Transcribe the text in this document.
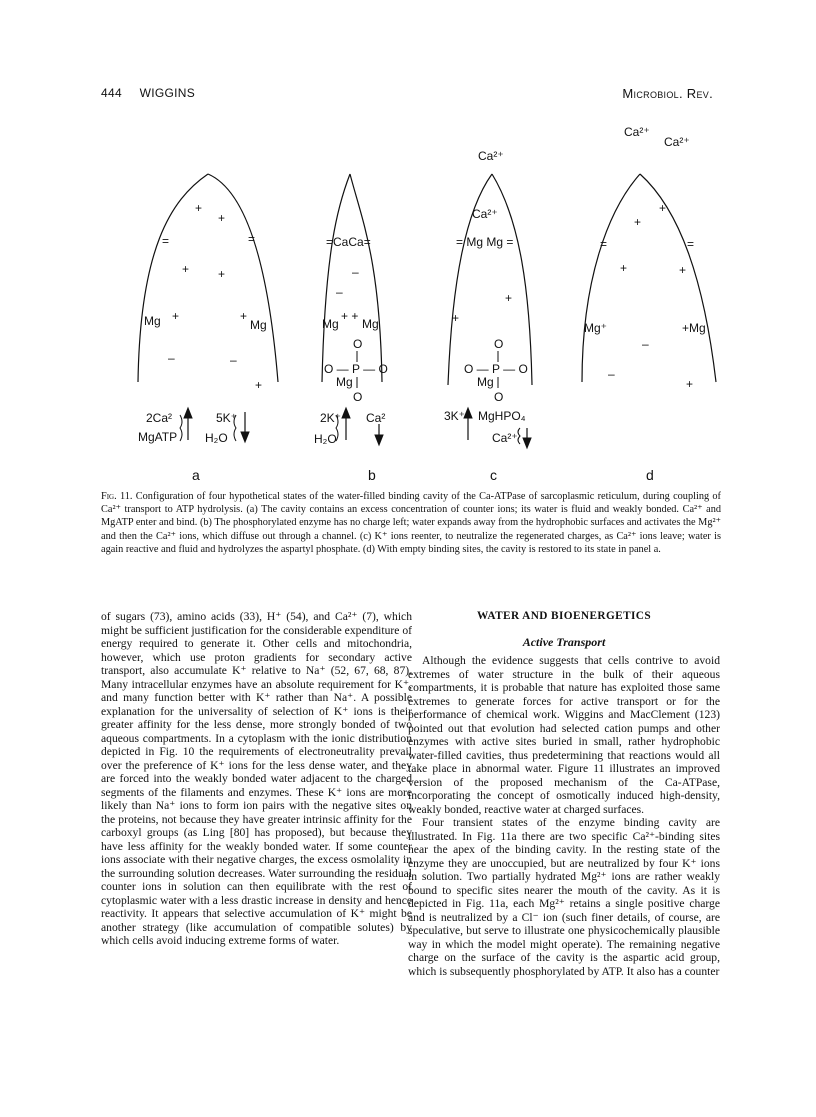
444 WIGGINS	Microbiol. Rev.
+
+
=	=
+ +
Mg +	+
Mg
–	–
+
2Ca²
MgATP
5K⁺
H₂O
=CaCa=
–
–
Mg
+ +
Mg
O
O — P — O
Mg
O
2K⁺
H₂O
Ca²
Ca²⁺
Ca²⁺
= Mg Mg =
+
+
O
O — P — O
Mg
O
3K⁺ MgHPO₄
Ca²⁺
Ca²⁺
Ca²⁺
+
+
=	=
+	+
Mg⁺	+Mg
–
–
+
a	b	c	d
Fig. 11. Configuration of four hypothetical states of the water-filled binding cavity of the Ca-ATPase of sarcoplasmic reticulum, during coupling of Ca²⁺ transport to ATP hydrolysis. (a) The cavity contains an excess concentration of counter ions; its water is fluid and weakly bonded. Ca²⁺ and MgATP enter and bind. (b) The phosphorylated enzyme has no charge left; water expands away from the hydrophobic surfaces and activates the Mg²⁺ and then the Ca²⁺ ions, which diffuse out through a channel. (c) K⁺ ions reenter, to neutralize the regenerated charges, as Ca²⁺ ions leave; water is again reactive and fluid and hydrolyzes the aspartyl phosphate. (d) With empty binding sites, the cavity is restored to its state in panel a.

of sugars (73), amino acids (33), H⁺ (54), and Ca²⁺ (7), which might be sufficient justification for the considerable expenditure of energy required to generate it. Other cells and mitochondria, however, which use proton gradients for secondary active transport, also accumulate K⁺ relative to Na⁺ (52, 67, 68, 87). Many intracellular enzymes have an absolute requirement for K⁺, and many function better with K⁺ rather than Na⁺. A possible explanation for the universality of selection of K⁺ ions is their greater affinity for the less dense, more strongly bonded of two aqueous compartments. In a cytoplasm with the ionic distribution depicted in Fig. 10 the requirements of electroneutrality prevail over the preference of K⁺ ions for the less dense water, and they are forced into the weakly bonded water adjacent to the charged segments of the filaments and enzymes. These K⁺ ions are more likely than Na⁺ ions to form ion pairs with the negative sites on the proteins, not because they have greater intrinsic affinity for the carboxyl groups (as Ling [80] has proposed), but because they have less affinity for the weakly bonded water. If some counter ions associate with their negative charges, the excess osmolality in the surrounding solution decreases. Water surrounding the residual counter ions in solution can then equilibrate with the rest of cytoplasmic water with a less drastic increase in density and hence reactivity. It appears that selective accumulation of K⁺ might be another strategy (like accumulation of compatible solutes) by which cells avoid inducing extreme forms of water.

WATER AND BIOENERGETICS
Active Transport

Although the evidence suggests that cells contrive to avoid extremes of water structure in the bulk of their aqueous compartments, it is probable that nature has exploited those same extremes to generate forces for active transport or for the performance of chemical work. Wiggins and MacClement (123) pointed out that evolution had selected cation pumps and other enzymes with active sites buried in small, rather hydrophobic water-filled cavities, thus predetermining that reactions would all take place in abnormal water. Figure 11 illustrates an improved version of the proposed mechanism of the Ca-ATPase, incorporating the concept of osmotically induced high-density, weakly bonded, reactive water at charged surfaces.

Four transient states of the enzyme binding cavity are illustrated. In Fig. 11a there are two specific Ca²⁺-binding sites near the apex of the binding cavity. In the resting state of the enzyme they are unoccupied, but are neutralized by four K⁺ ions in solution. Two partially hydrated Mg²⁺ ions are rather weakly bound to specific sites nearer the mouth of the cavity. As it is depicted in Fig. 11a, each Mg²⁺ retains a single positive charge and is neutralized by a Cl⁻ ion (such finer details, of course, are speculative, but serve to illustrate one physicochemically plausible way in which the model might operate). The remaining negative charge on the surface of the cavity is the aspartic acid group, which is subsequently phosphorylated by ATP. It also has a counter
